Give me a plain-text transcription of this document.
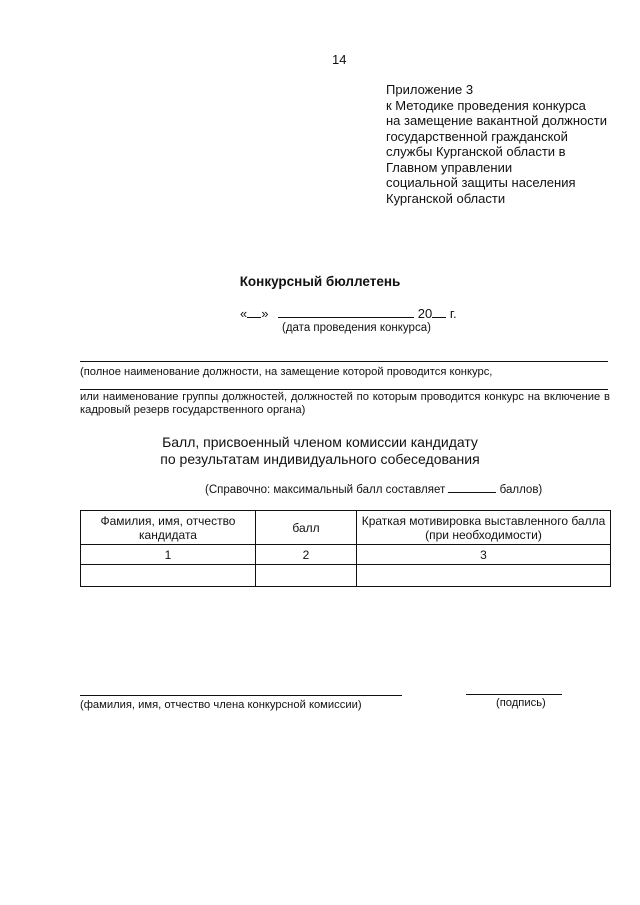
14
Приложение 3
к Методике проведения конкурса
на замещение вакантной должности
государственной гражданской
службы Курганской области в
Главном управлении
социальной защиты населения
Курганской области
Конкурсный бюллетень
« »	20 г.
(дата проведения конкурса)
(полное наименование должности, на замещение которой проводится конкурс,
или наименование группы должностей, должностей по которым проводится конкурс на включение в кадровый резерв государственного органа)
Балл, присвоенный членом комиссии кандидату
по результатам индивидуального собеседования
(Справочно: максимальный балл составляет	баллов)
Фамилия, имя, отчество кандидата	балл	Краткая мотивировка выставленного балла (при необходимости)
1	2	3

(фамилия, имя, отчество члена конкурсной комиссии)	(подпись)
